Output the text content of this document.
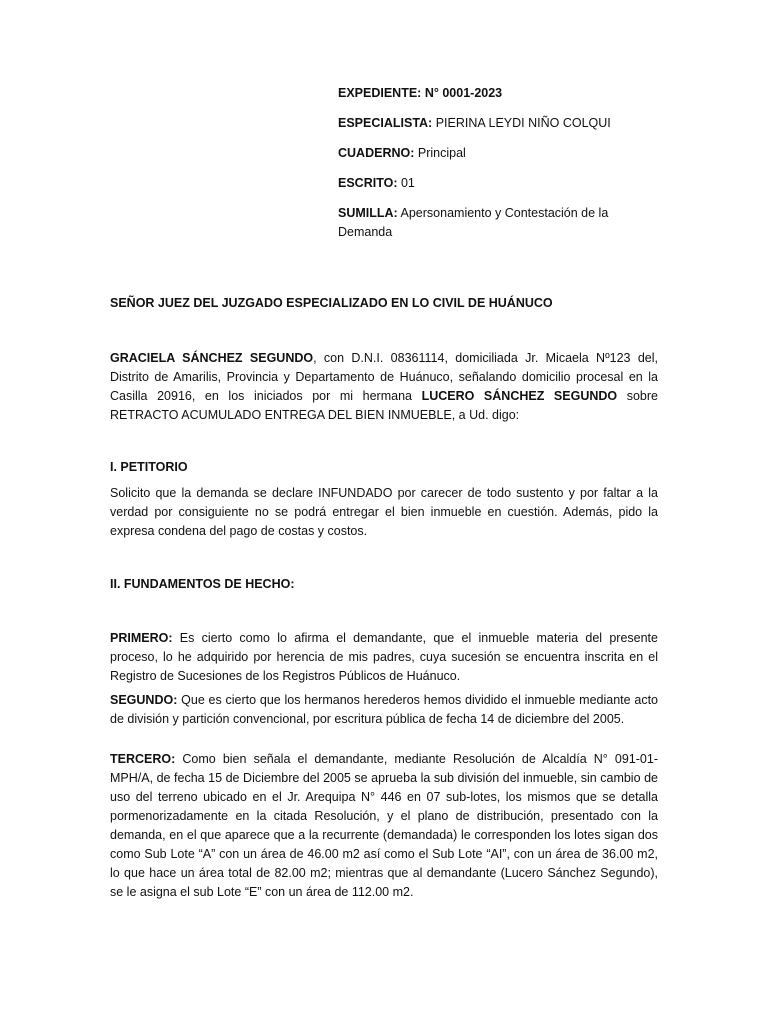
EXPEDIENTE: N° 0001-2023

ESPECIALISTA: PIERINA LEYDI NIÑO COLQUI

CUADERNO: Principal

ESCRITO: 01

SUMILLA: Apersonamiento y Contestación de la Demanda

SEÑOR JUEZ DEL JUZGADO ESPECIALIZADO EN LO CIVIL DE HUÁNUCO

GRACIELA SÁNCHEZ SEGUNDO, con D.N.I. 08361114, domiciliada Jr. Micaela Nº123 del, Distrito de Amarilis, Provincia y Departamento de Huánuco, señalando domicilio procesal en la Casilla 20916, en los iniciados por mi hermana LUCERO SÁNCHEZ SEGUNDO sobre RETRACTO ACUMULADO ENTREGA DEL BIEN INMUEBLE, a Ud. digo:

I. PETITORIO

Solicito que la demanda se declare INFUNDADO por carecer de todo sustento y por faltar a la verdad por consiguiente no se podrá entregar el bien inmueble en cuestión. Además, pido la expresa condena del pago de costas y costos.

II. FUNDAMENTOS DE HECHO:

PRIMERO: Es cierto como lo afirma el demandante, que el inmueble materia del presente proceso, lo he adquirido por herencia de mis padres, cuya sucesión se encuentra inscrita en el Registro de Sucesiones de los Registros Públicos de Huánuco.

SEGUNDO: Que es cierto que los hermanos herederos hemos dividido el inmueble mediante acto de división y partición convencional, por escritura pública de fecha 14 de diciembre del 2005.

TERCERO: Como bien señala el demandante, mediante Resolución de Alcaldía N° 091-01-MPH/A, de fecha 15 de Diciembre del 2005 se aprueba la sub división del inmueble, sin cambio de uso del terreno ubicado en el Jr. Arequipa N° 446 en 07 sub-lotes, los mismos que se detalla pormenorizadamente en la citada Resolución, y el plano de distribución, presentado con la demanda, en el que aparece que a la recurrente (demandada) le corresponden los lotes sigan dos como Sub Lote “A” con un área de 46.00 m2 así como el Sub Lote “AI”, con un área de 36.00 m2, lo que hace un área total de 82.00 m2; mientras que al demandante (Lucero Sánchez Segundo), se le asigna el sub Lote “E” con un área de 112.00 m2.
